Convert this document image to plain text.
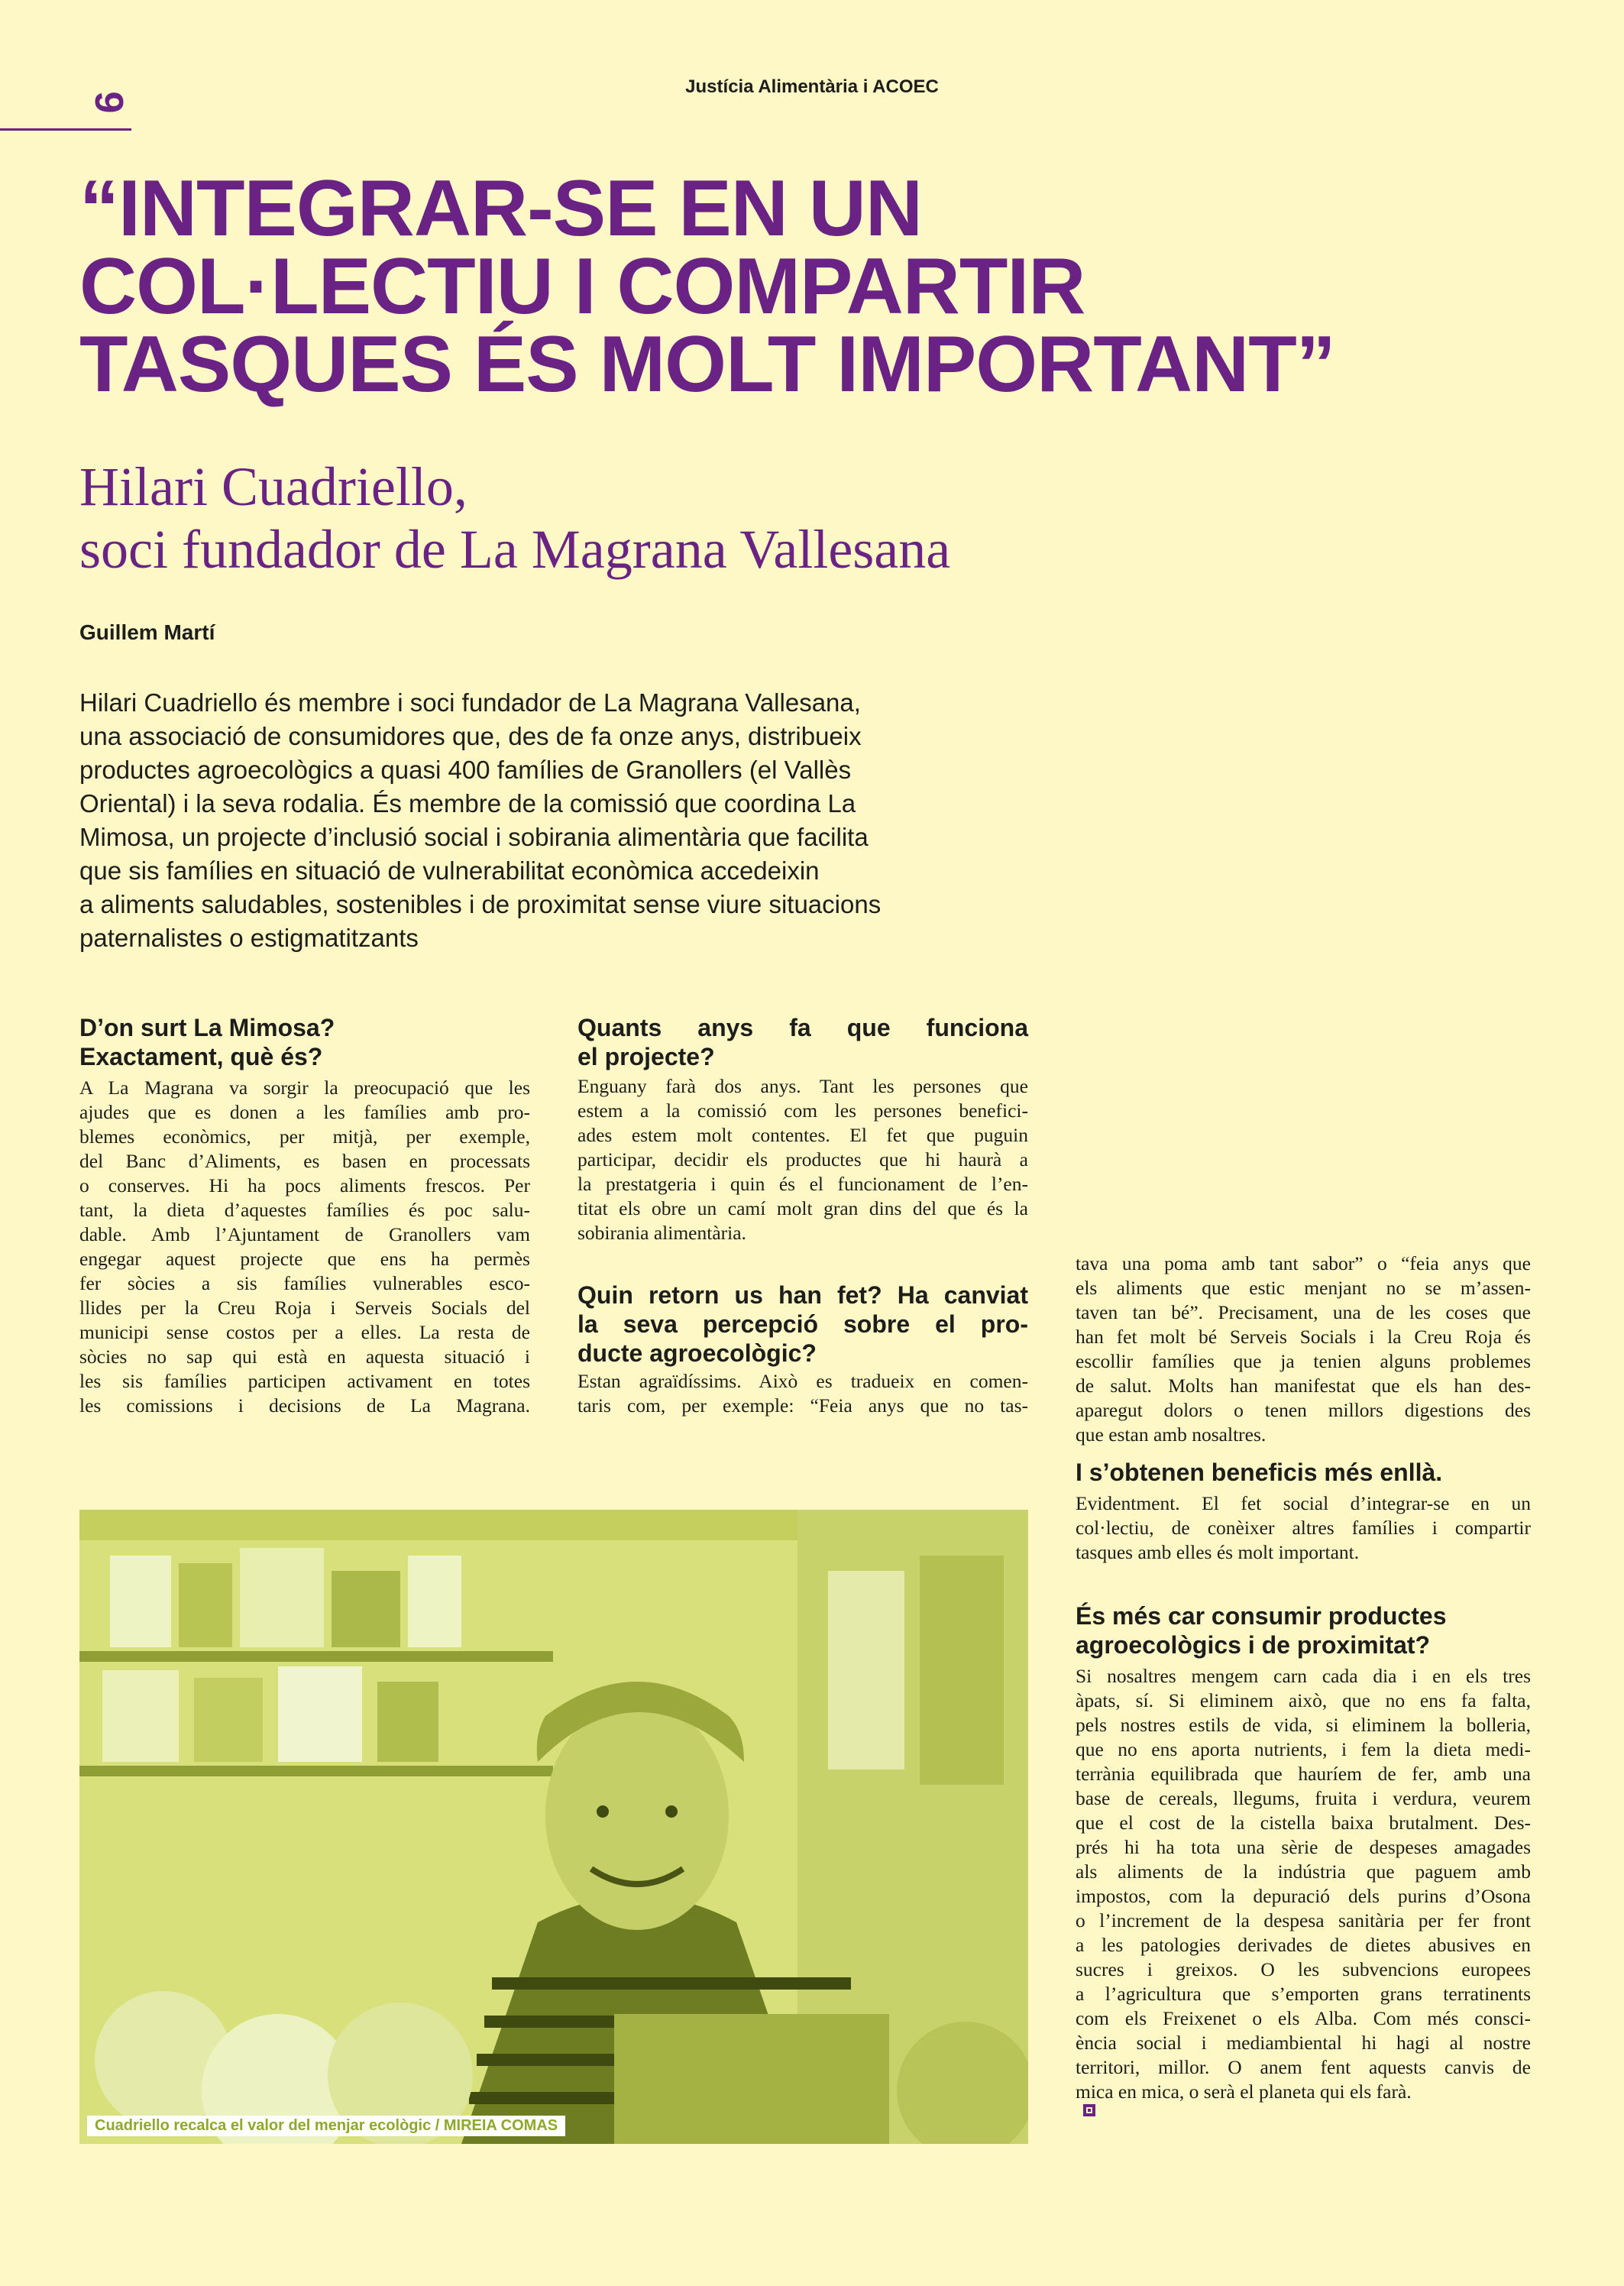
9
Justícia Alimentària i ACOEC
“INTEGRAR-SE EN UN
COL·LECTIU I COMPARTIR
TASQUES ÉS MOLT IMPORTANT”
Hilari Cuadriello,
soci fundador de La Magrana Vallesana
Guillem Martí
Hilari Cuadriello és membre i soci fundador de La Magrana Vallesana,
una associació de consumidores que, des de fa onze anys, distribueix
productes agroecològics a quasi 400 famílies de Granollers (el Vallès
Oriental) i la seva rodalia. És membre de la comissió que coordina La
Mimosa, un projecte d’inclusió social i sobirania alimentària que facilita
que sis famílies en situació de vulnerabilitat econòmica accedeixin
a aliments saludables, sostenibles i de proximitat sense viure situacions
paternalistes o estigmatitzants
D’on surt La Mimosa?
Exactament, què és?
A La Magrana va sorgir la preocupació que les
ajudes que es donen a les famílies amb pro-
blemes econòmics, per mitjà, per exemple,
del Banc d’Aliments, es basen en processats
o conserves. Hi ha pocs aliments frescos. Per
tant, la dieta d’aquestes famílies és poc salu-
dable. Amb l’Ajuntament de Granollers vam
engegar aquest projecte que ens ha permès
fer sòcies a sis famílies vulnerables esco-
llides per la Creu Roja i Serveis Socials del
municipi sense costos per a elles. La resta de
sòcies no sap qui està en aquesta situació i
les sis famílies participen activament en totes
les comissions i decisions de La Magrana.
Quants anys fa que funciona
el projecte?
Enguany farà dos anys. Tant les persones que
estem a la comissió com les persones benefici-
ades estem molt contentes. El fet que puguin
participar, decidir els productes que hi haurà a
la prestatgeria i quin és el funcionament de l’en-
titat els obre un camí molt gran dins del que és la
sobirania alimentària.
Quin retorn us han fet? Ha canviat
la seva percepció sobre el pro-
ducte agroecològic?
Estan agraïdíssims. Això es tradueix en comen-
taris com, per exemple: “Feia anys que no tas-
tava una poma amb tant sabor” o “feia anys que
els aliments que estic menjant no se m’assen-
taven tan bé”. Precisament, una de les coses que
han fet molt bé Serveis Socials i la Creu Roja és
escollir famílies que ja tenien alguns problemes
de salut. Molts han manifestat que els han des-
aparegut dolors o tenen millors digestions des
que estan amb nosaltres.
I s’obtenen beneficis més enllà.
Evidentment. El fet social d’integrar-se en un
col·lectiu, de conèixer altres famílies i compartir
tasques amb elles és molt important.
És més car consumir productes
agroecològics i de proximitat?
Si nosaltres mengem carn cada dia i en els tres
àpats, sí. Si eliminem això, que no ens fa falta,
pels nostres estils de vida, si eliminem la bolleria,
que no ens aporta nutrients, i fem la dieta medi-
terrània equilibrada que hauríem de fer, amb una
base de cereals, llegums, fruita i verdura, veurem
que el cost de la cistella baixa brutalment. Des-
prés hi ha tota una sèrie de despeses amagades
als aliments de la indústria que paguem amb
impostos, com la depuració dels purins d’Osona
o l’increment de la despesa sanitària per fer front
a les patologies derivades de dietes abusives en
sucres i greixos. O les subvencions europees
a l’agricultura que s’emporten grans terratinents
com els Freixenet o els Alba. Com més consci-
ència social i mediambiental hi hagi al nostre
territori, millor. O anem fent aquests canvis de
mica en mica, o serà el planeta qui els farà.
Cuadriello recalca el valor del menjar ecològic / MIREIA COMAS
